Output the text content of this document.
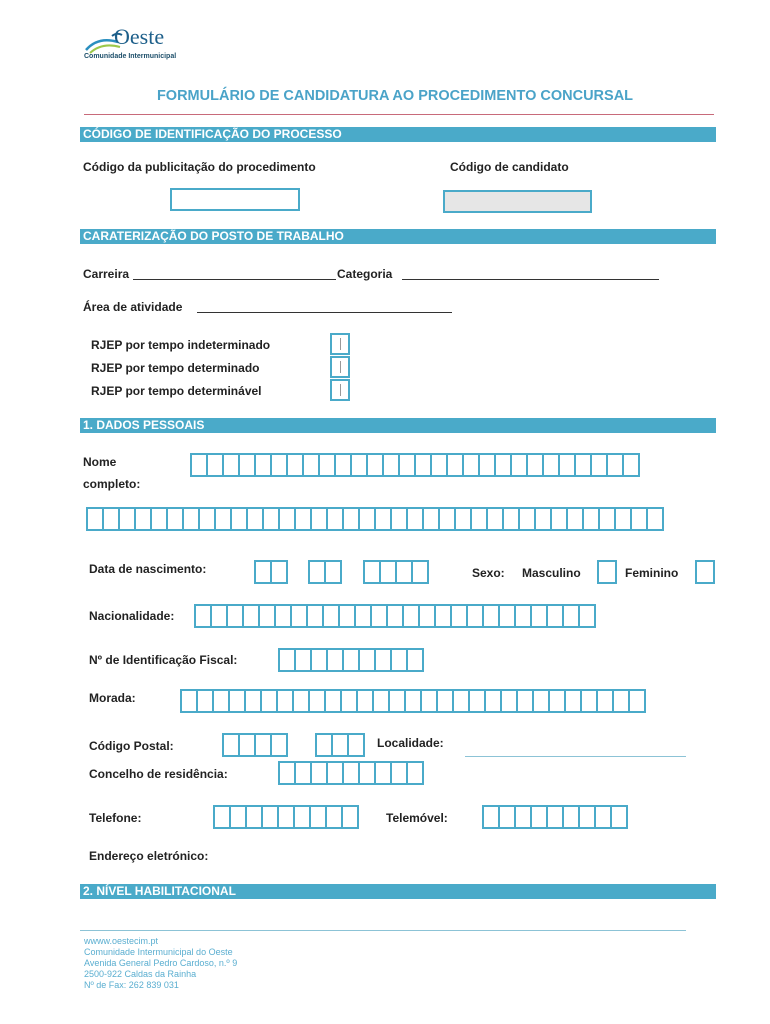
Oeste
Comunidade Intermunicipal
FORMULÁRIO DE CANDIDATURA AO PROCEDIMENTO CONCURSAL
CÓDIGO DE IDENTIFICAÇÃO DO PROCESSO
Código da publicitação do procedimento	Código de candidato
CARATERIZAÇÃO DO POSTO DE TRABALHO
Carreira	Categoria
Área de atividade
RJEP por tempo indeterminado
RJEP por tempo determinado
RJEP por tempo determinável
1. DADOS PESSOAIS
Nome
completo:
Data de nascimento:	Sexo: Masculino	Feminino
Nacionalidade:
Nº de Identificação Fiscal:
Morada:
Código Postal:	Localidade:
Concelho de residência:
Telefone:	Telemóvel:
Endereço eletrónico:
2. NÍVEL HABILITACIONAL
wwww.oestecim.pt
Comunidade Intermunicipal do Oeste
Avenida General Pedro Cardoso, n.º 9
2500-922 Caldas da Rainha
Nº de Fax: 262 839 031
